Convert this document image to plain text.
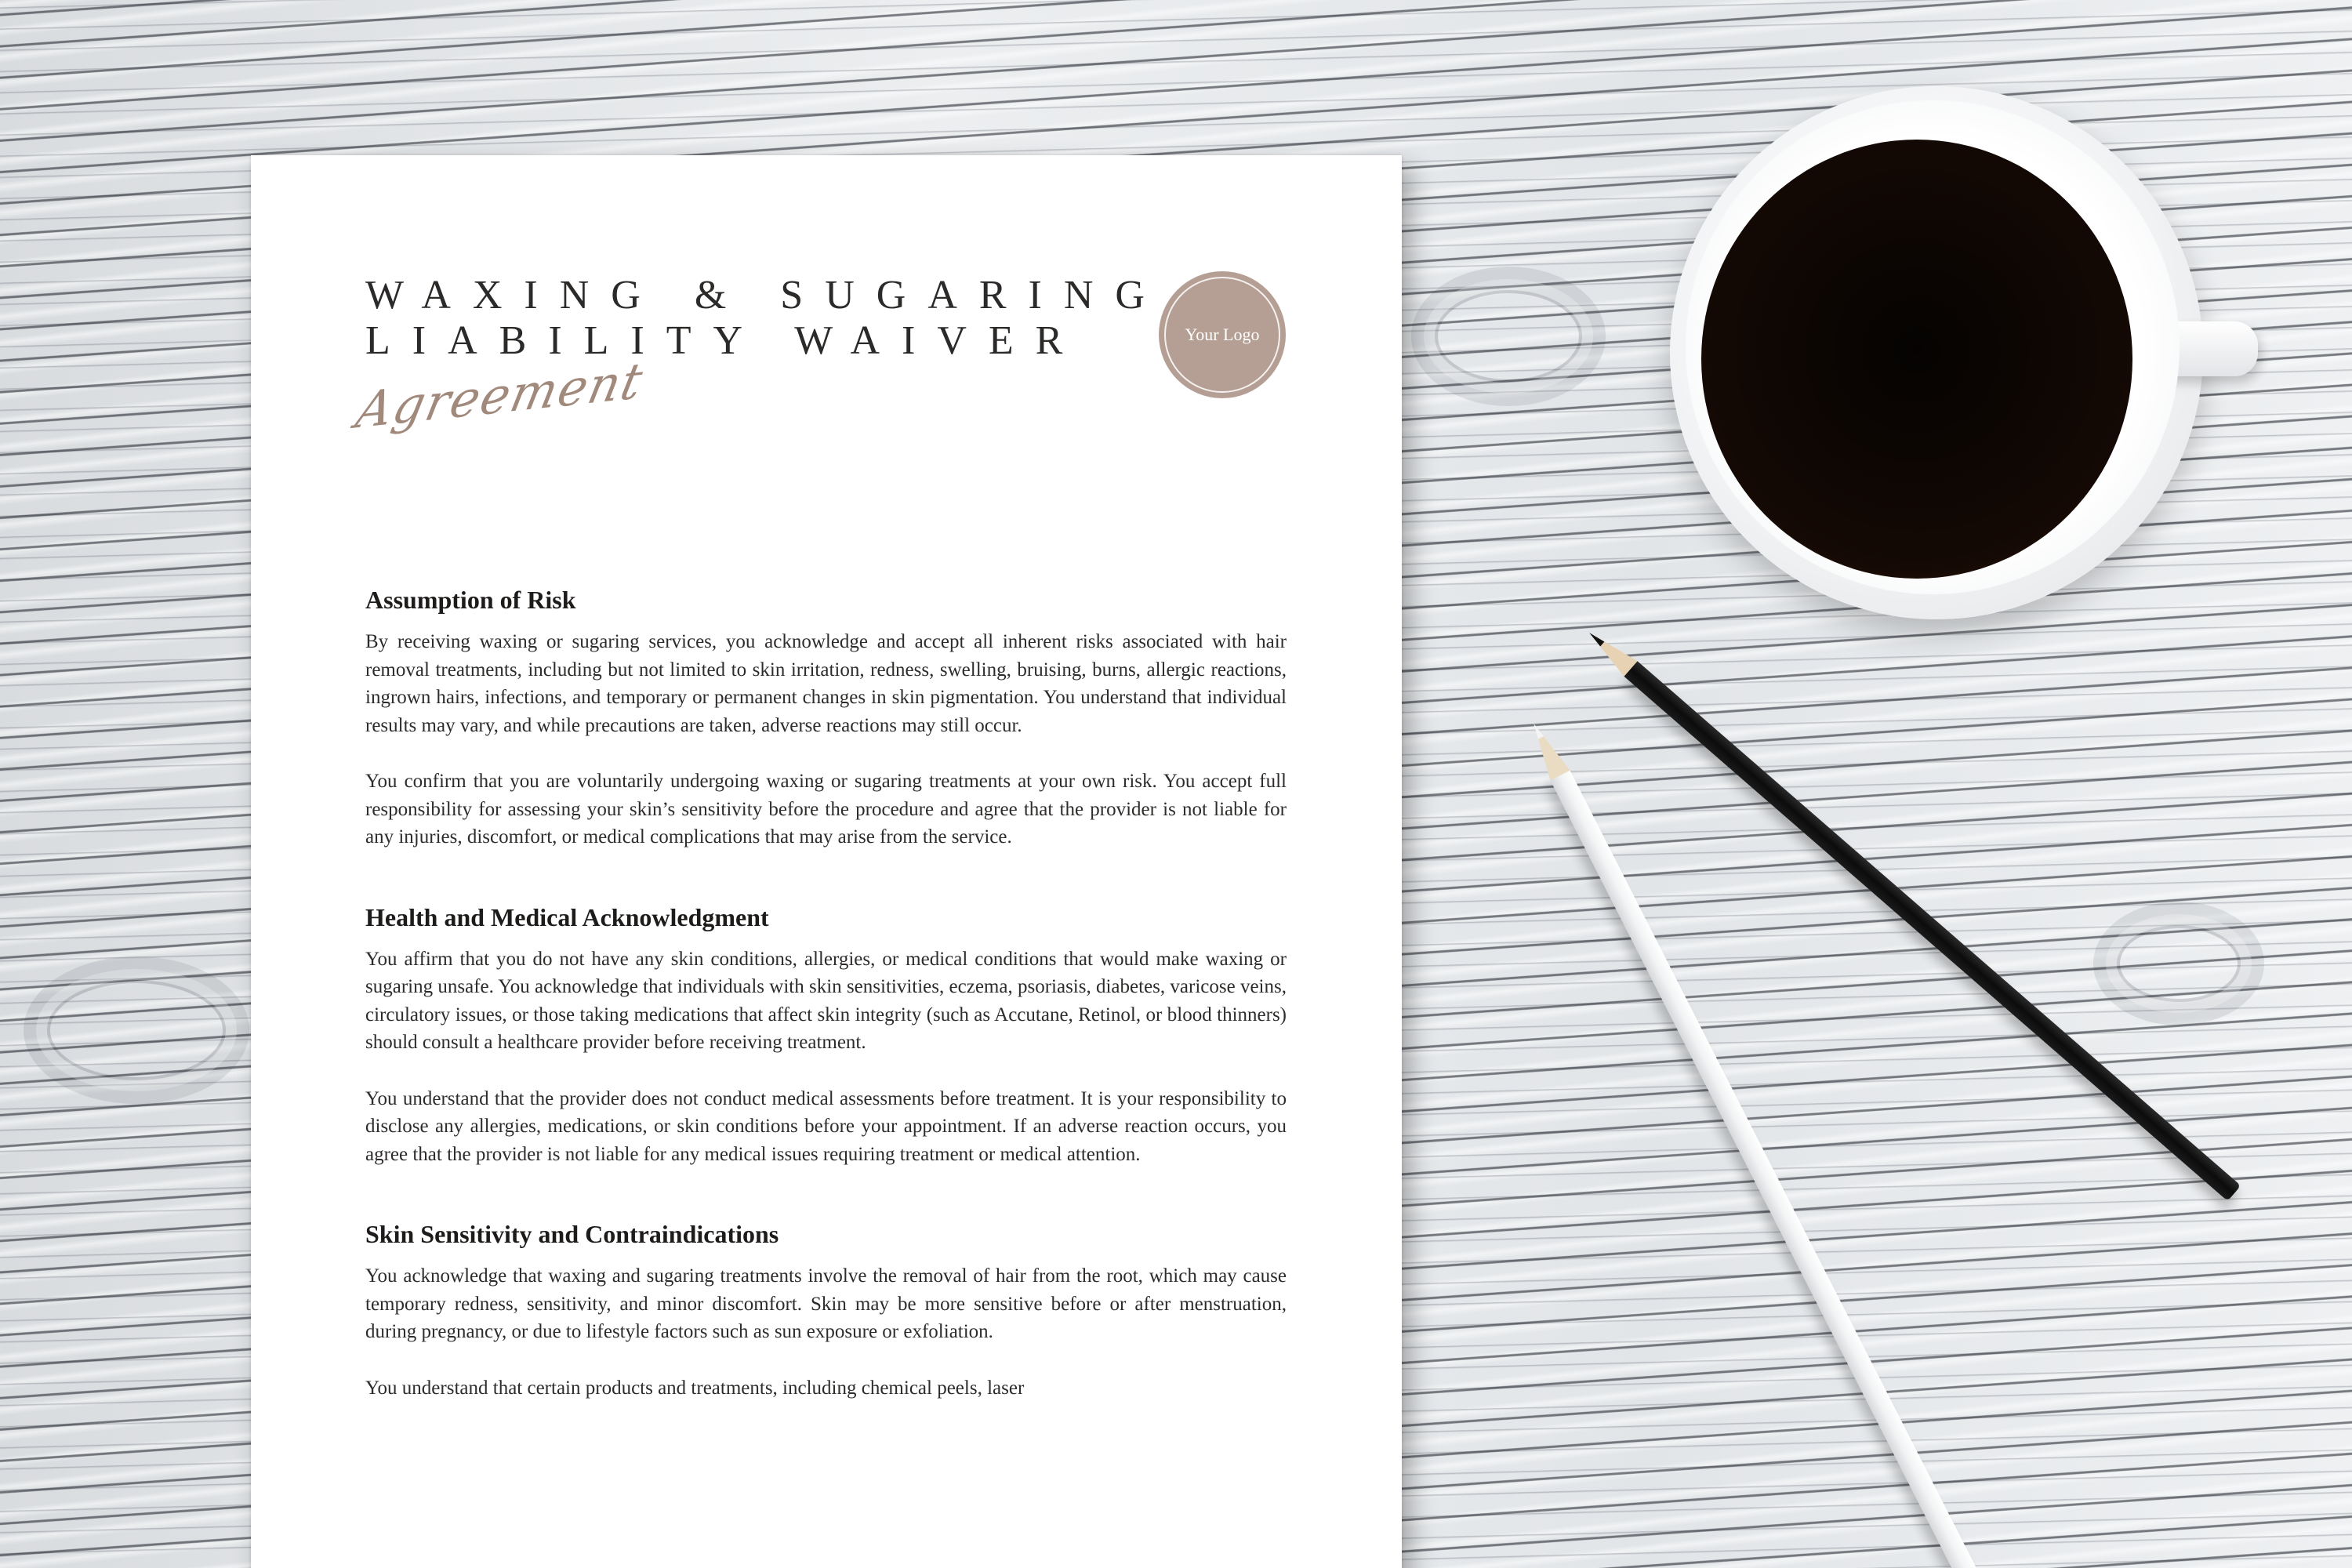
WAXING & SUGARING
LIABILITY WAIVER
Agreement
Your Logo
Assumption of Risk

By receiving waxing or sugaring services, you acknowledge and accept all inherent risks associated with hair removal treatments, including but not limited to skin irritation, redness, swelling, bruising, burns, allergic reactions, ingrown hairs, infections, and temporary or permanent changes in skin pigmentation. You understand that individual results may vary, and while precautions are taken, adverse reactions may still occur.

You confirm that you are voluntarily undergoing waxing or sugaring treatments at your own risk. You accept full responsibility for assessing your skin’s sensitivity before the procedure and agree that the provider is not liable for any injuries, discomfort, or medical complications that may arise from the service.

Health and Medical Acknowledgment

You affirm that you do not have any skin conditions, allergies, or medical conditions that would make waxing or sugaring unsafe. You acknowledge that individuals with skin sensitivities, eczema, psoriasis, diabetes, varicose veins, circulatory issues, or those taking medications that affect skin integrity (such as Accutane, Retinol, or blood thinners) should consult a healthcare provider before receiving treatment.

You understand that the provider does not conduct medical assessments before treatment. It is your responsibility to disclose any allergies, medications, or skin conditions before your appointment. If an adverse reaction occurs, you agree that the provider is not liable for any medical issues requiring treatment or medical attention.

Skin Sensitivity and Contraindications

You acknowledge that waxing and sugaring treatments involve the removal of hair from the root, which may cause temporary redness, sensitivity, and minor discomfort. Skin may be more sensitive before or after menstruation, during pregnancy, or due to lifestyle factors such as sun exposure or exfoliation.

You understand that certain products and treatments, including chemical peels, laser
